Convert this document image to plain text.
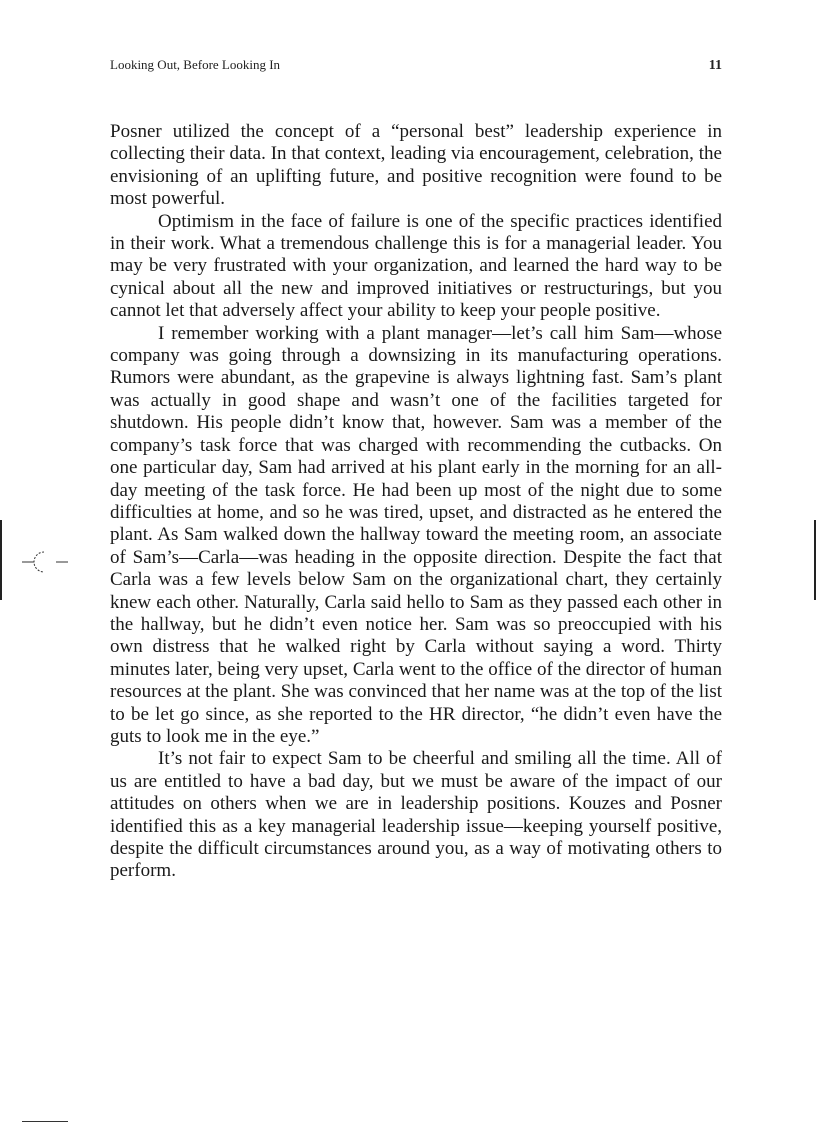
Looking Out, Before Looking In	11

Posner utilized the concept of a “personal best” leadership experience in collecting their data. In that context, leading via encouragement, celebration, the envisioning of an uplifting future, and positive recognition were found to be most powerful.

Optimism in the face of failure is one of the specific practices identified in their work. What a tremendous challenge this is for a managerial leader. You may be very frustrated with your organization, and learned the hard way to be cynical about all the new and improved initiatives or restructurings, but you cannot let that adversely affect your ability to keep your people positive.

I remember working with a plant manager—let’s call him Sam—whose company was going through a downsizing in its manufacturing operations. Rumors were abundant, as the grapevine is always lightning fast. Sam’s plant was actually in good shape and wasn’t one of the facilities targeted for shutdown. His people didn’t know that, however. Sam was a member of the company’s task force that was charged with recommending the cutbacks. On one particular day, Sam had arrived at his plant early in the morning for an all-day meeting of the task force. He had been up most of the night due to some difficulties at home, and so he was tired, upset, and distracted as he entered the plant. As Sam walked down the hallway toward the meeting room, an associate of Sam’s—Carla—was heading in the opposite direction. Despite the fact that Carla was a few levels below Sam on the organizational chart, they certainly knew each other. Naturally, Carla said hello to Sam as they passed each other in the hallway, but he didn’t even notice her. Sam was so preoccupied with his own distress that he walked right by Carla without saying a word. Thirty minutes later, being very upset, Carla went to the office of the director of human resources at the plant. She was convinced that her name was at the top of the list to be let go since, as she reported to the HR director, “he didn’t even have the guts to look me in the eye.”

It’s not fair to expect Sam to be cheerful and smiling all the time. All of us are entitled to have a bad day, but we must be aware of the impact of our attitudes on others when we are in leadership positions. Kouzes and Posner identified this as a key managerial leadership issue—keeping yourself positive, despite the difficult circumstances around you, as a way of motivating others to perform.
